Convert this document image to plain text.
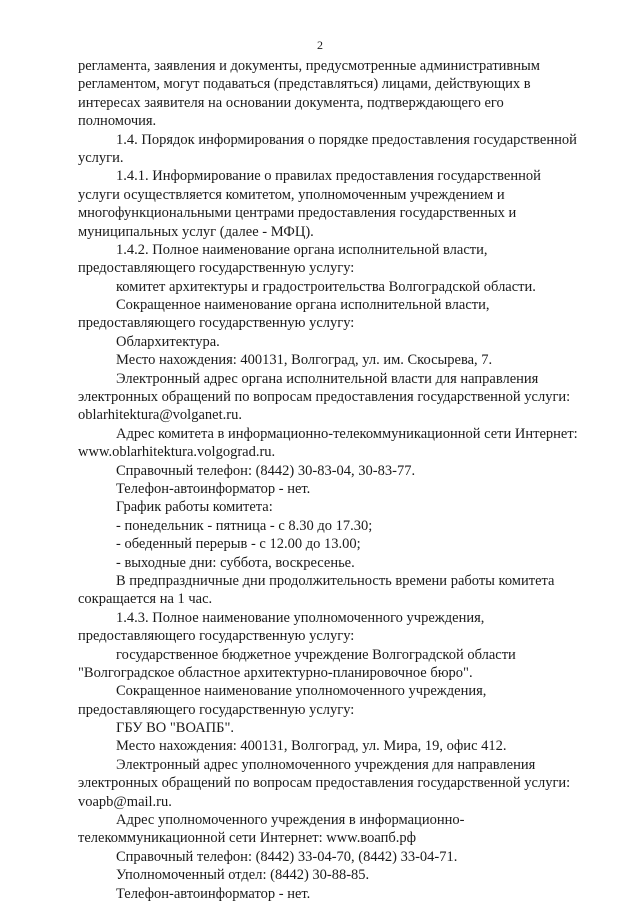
2
регламента, заявления и документы, предусмотренные административным
регламентом, могут подаваться (представляться) лицами, действующих в
интересах заявителя на основании документа, подтверждающего его
полномочия.
1.4. Порядок информирования о порядке предоставления государственной
услуги.
1.4.1. Информирование о правилах предоставления государственной
услуги осуществляется комитетом, уполномоченным учреждением и
многофункциональными центрами предоставления государственных и
муниципальных услуг (далее - МФЦ).
1.4.2. Полное наименование органа исполнительной власти,
предоставляющего государственную услугу:
комитет архитектуры и градостроительства Волгоградской области.
Сокращенное наименование органа исполнительной власти,
предоставляющего государственную услугу:
Облархитектура.
Место нахождения: 400131, Волгоград, ул. им. Скосырева, 7.
Электронный адрес органа исполнительной власти для направления
электронных обращений по вопросам предоставления государственной услуги:
oblarhitektura@volganet.ru.
Адрес комитета в информационно-телекоммуникационной сети Интернет:
www.oblarhitektura.volgograd.ru.
Справочный телефон: (8442) 30-83-04, 30-83-77.
Телефон-автоинформатор - нет.
График работы комитета:
- понедельник - пятница - с 8.30 до 17.30;
- обеденный перерыв - с 12.00 до 13.00;
- выходные дни: суббота, воскресенье.
В предпраздничные дни продолжительность времени работы комитета
сокращается на 1 час.
1.4.3. Полное наименование уполномоченного учреждения,
предоставляющего государственную услугу:
государственное бюджетное учреждение Волгоградской области
"Волгоградское областное архитектурно-планировочное бюро".
Сокращенное наименование уполномоченного учреждения,
предоставляющего государственную услугу:
ГБУ ВО "ВОАПБ".
Место нахождения: 400131, Волгоград, ул. Мира, 19, офис 412.
Электронный адрес уполномоченного учреждения для направления
электронных обращений по вопросам предоставления государственной услуги:
voapb@mail.ru.
Адрес уполномоченного учреждения в информационно-
телекоммуникационной сети Интернет: www.воапб.рф
Справочный телефон: (8442) 33-04-70, (8442) 33-04-71.
Уполномоченный отдел: (8442) 30-88-85.
Телефон-автоинформатор - нет.
